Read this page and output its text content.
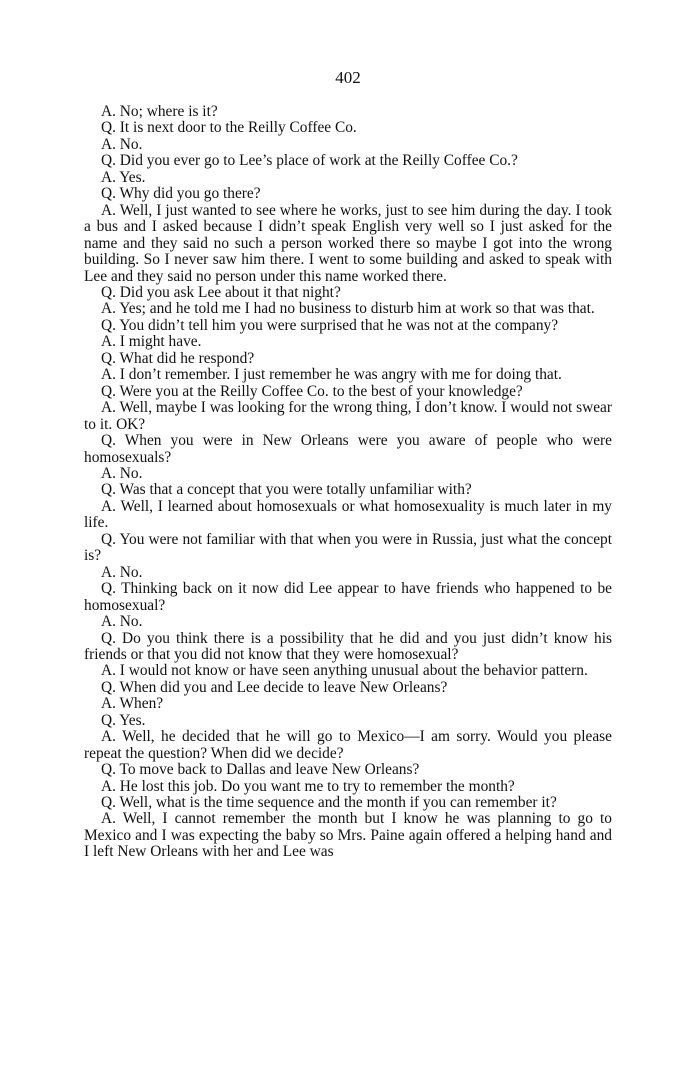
402

A. No; where is it?

Q. It is next door to the Reilly Coffee Co.

A. No.

Q. Did you ever go to Lee’s place of work at the Reilly Coffee Co.?

A. Yes.

Q. Why did you go there?

A. Well, I just wanted to see where he works, just to see him during the day. I took a bus and I asked because I didn’t speak English very well so I just asked for the name and they said no such a person worked there so maybe I got into the wrong building. So I never saw him there. I went to some building and asked to speak with Lee and they said no person under this name worked there.

Q. Did you ask Lee about it that night?

A. Yes; and he told me I had no business to disturb him at work so that was that.

Q. You didn’t tell him you were surprised that he was not at the company?

A. I might have.

Q. What did he respond?

A. I don’t remember. I just remember he was angry with me for doing that.

Q. Were you at the Reilly Coffee Co. to the best of your knowledge?

A. Well, maybe I was looking for the wrong thing, I don’t know. I would not swear to it. OK?

Q. When you were in New Orleans were you aware of people who were homosexuals?

A. No.

Q. Was that a concept that you were totally unfamiliar with?

A. Well, I learned about homosexuals or what homosexuality is much later in my life.

Q. You were not familiar with that when you were in Russia, just what the concept is?

A. No.

Q. Thinking back on it now did Lee appear to have friends who happened to be homosexual?

A. No.

Q. Do you think there is a possibility that he did and you just didn’t know his friends or that you did not know that they were homosexual?

A. I would not know or have seen anything unusual about the behavior pattern.

Q. When did you and Lee decide to leave New Orleans?

A. When?

Q. Yes.

A. Well, he decided that he will go to Mexico—I am sorry. Would you please repeat the question? When did we decide?

Q. To move back to Dallas and leave New Orleans?

A. He lost this job. Do you want me to try to remember the month?

Q. Well, what is the time sequence and the month if you can remember it?

A. Well, I cannot remember the month but I know he was planning to go to Mexico and I was expecting the baby so Mrs. Paine again offered a helping hand and I left New Orleans with her and Lee was
